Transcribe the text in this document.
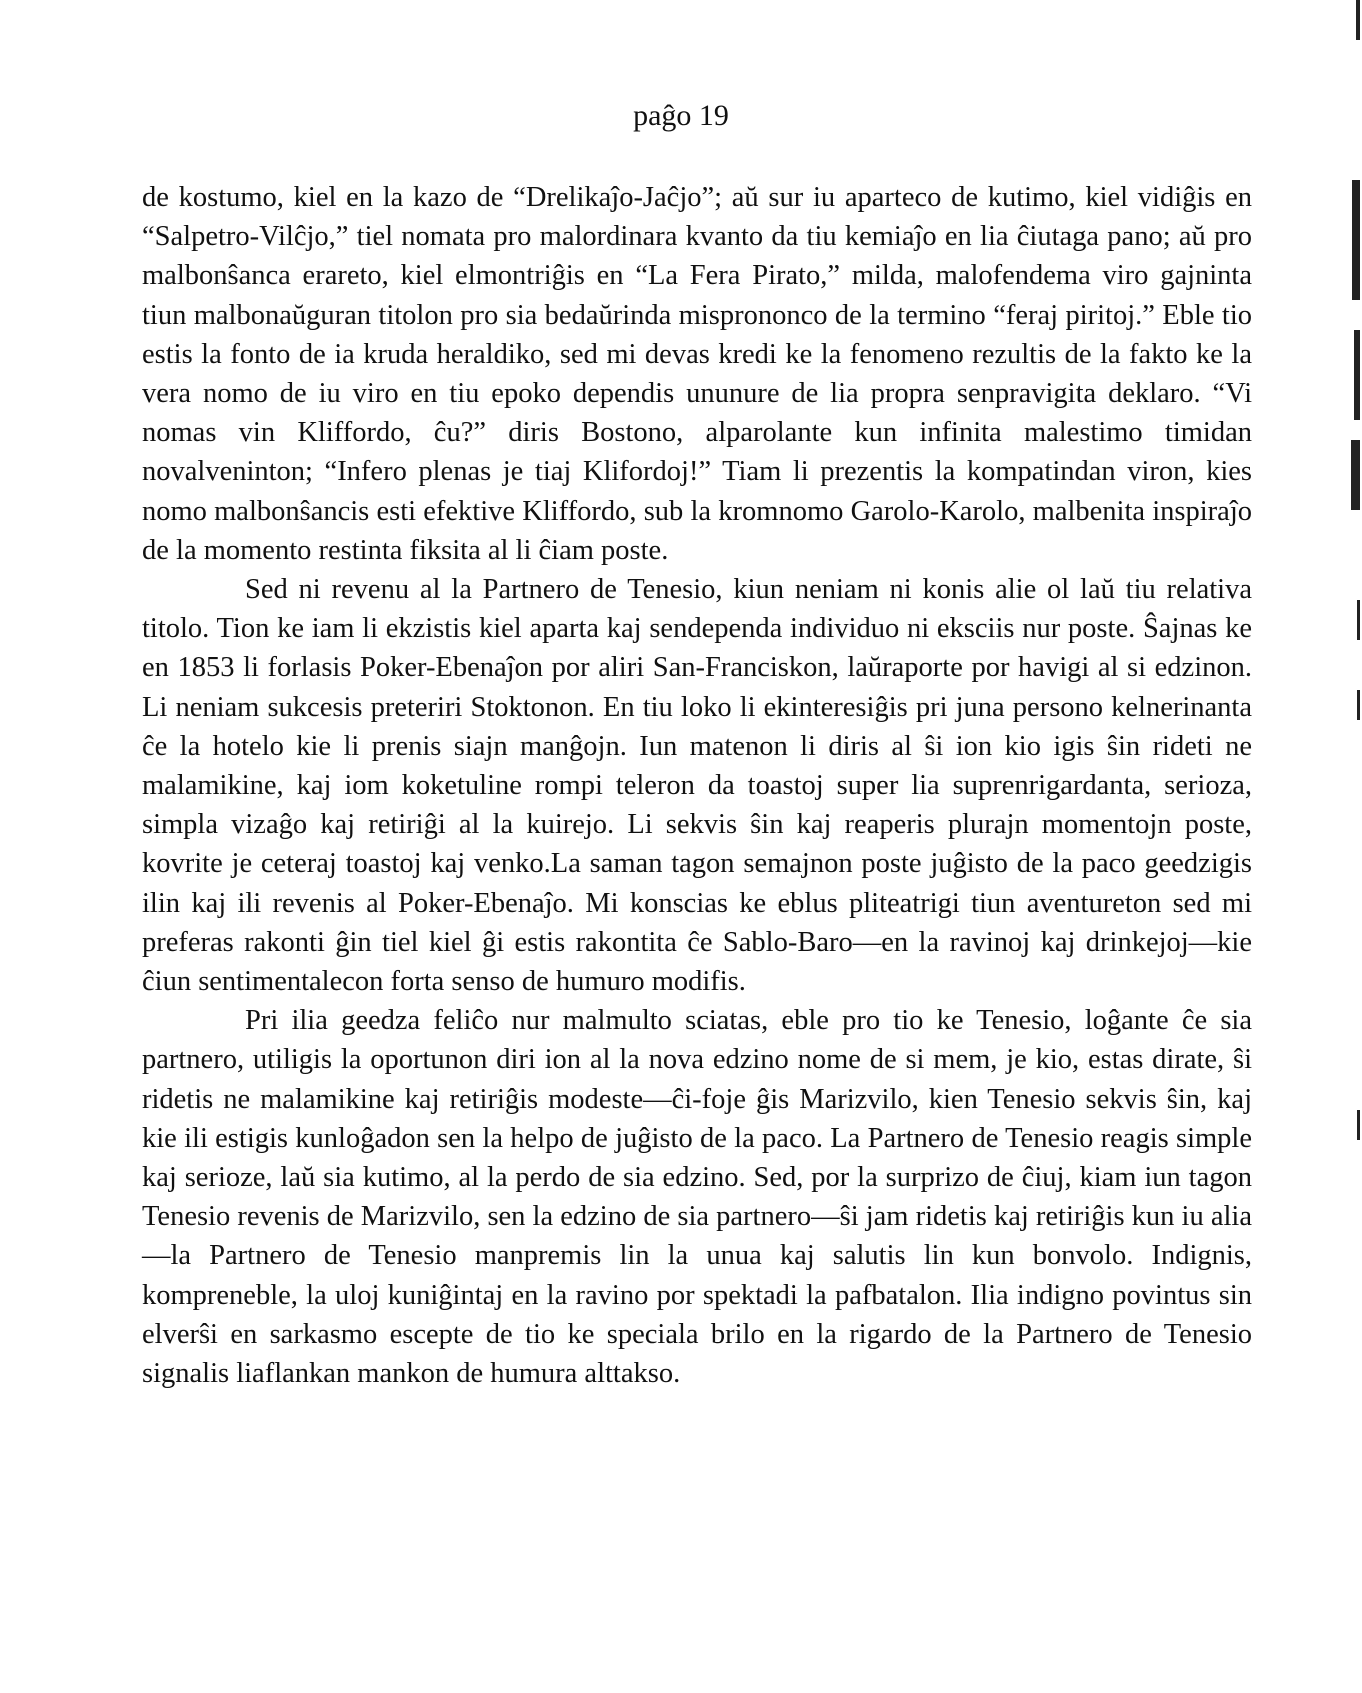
paĝo 19

de kostumo, kiel en la kazo de “Drelikaĵo-Jaĉjo”; aŭ sur iu aparteco de kutimo, kiel vidiĝis en “Salpetro-Vilĉjo,” tiel nomata pro malordinara kvanto da tiu kemiaĵo en lia ĉiutaga pano; aŭ pro malbonŝanca erareto, kiel elmontriĝis en “La Fera Pirato,” milda, malofendema viro gajninta tiun malbonaŭguran titolon pro sia bedaŭrinda misprononco de la termino “feraj piritoj.” Eble tio estis la fonto de ia kruda heraldiko, sed mi devas kredi ke la fenomeno rezultis de la fakto ke la vera nomo de iu viro en tiu epoko dependis ununure de lia propra senpravigita deklaro. “Vi nomas vin Kliffordo, ĉu?” diris Bostono, alparolante kun infinita malestimo timidan novalveninton; “Infero plenas je tiaj Klifordoj!” Tiam li prezentis la kompatindan viron, kies nomo malbonŝancis esti efektive Kliffordo, sub la kromnomo Garolo-Karolo, malbenita inspiraĵo de la momento restinta fiksita al li ĉiam poste.

Sed ni revenu al la Partnero de Tenesio, kiun neniam ni konis alie ol laŭ tiu relativa titolo. Tion ke iam li ekzistis kiel aparta kaj sendependa individuo ni eksciis nur poste. Ŝajnas ke en 1853 li forlasis Poker-Ebenaĵon por aliri San-Franciskon, laŭraporte por havigi al si edzinon. Li neniam sukcesis preteriri Stoktonon. En tiu loko li ekinteresiĝis pri juna persono kelnerinanta ĉe la hotelo kie li prenis siajn manĝojn. Iun matenon li diris al ŝi ion kio igis ŝin rideti ne malamikine, kaj iom koketuline rompi teleron da toastoj super lia suprenrigardanta, serioza, simpla vizaĝo kaj retiriĝi al la kuirejo. Li sekvis ŝin kaj reaperis plurajn momentojn poste, kovrite je ceteraj toastoj kaj venko.La saman tagon semajnon poste juĝisto de la paco geedzigis ilin kaj ili revenis al Poker-Ebenaĵo. Mi konscias ke eblus pliteatrigi tiun aventureton sed mi preferas rakonti ĝin tiel kiel ĝi estis rakontita ĉe Sablo-Baro—en la ravinoj kaj drinkejoj—kie ĉiun sentimentalecon forta senso de humuro modifis.

Pri ilia geedza feliĉo nur malmulto sciatas, eble pro tio ke Tenesio, loĝante ĉe sia partnero, utiligis la oportunon diri ion al la nova edzino nome de si mem, je kio, estas dirate, ŝi ridetis ne malamikine kaj retiriĝis modeste—ĉi-foje ĝis Marizvilo, kien Tenesio sekvis ŝin, kaj kie ili estigis kunloĝadon sen la helpo de juĝisto de la paco. La Partnero de Tenesio reagis simple kaj serioze, laŭ sia kutimo, al la perdo de sia edzino. Sed, por la surprizo de ĉiuj, kiam iun tagon Tenesio revenis de Marizvilo, sen la edzino de sia partnero—ŝi jam ridetis kaj retiriĝis kun iu alia—la Partnero de Tenesio manpremis lin la unua kaj salutis lin kun bonvolo. Indignis, kompreneble, la uloj kuniĝintaj en la ravino por spektadi la pafbatalon. Ilia indigno povintus sin elverŝi en sarkasmo escepte de tio ke speciala brilo en la rigardo de la Partnero de Tenesio signalis liaflankan mankon de humura alttakso.
